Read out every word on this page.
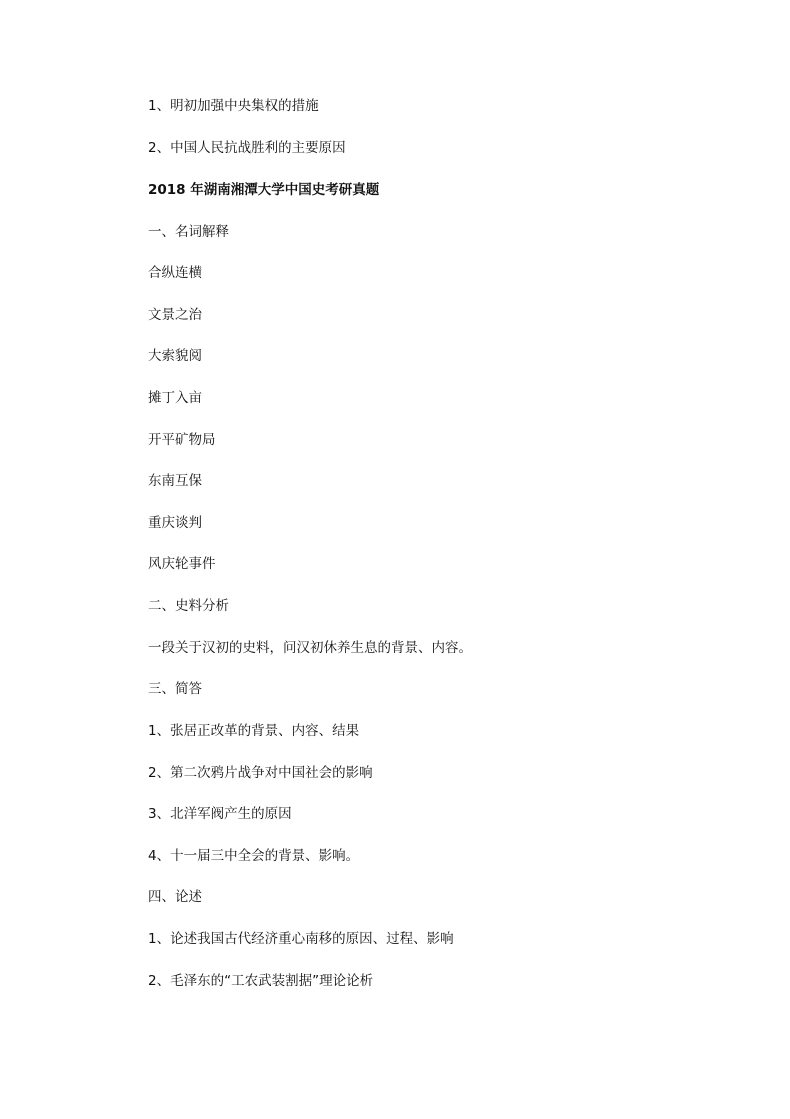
1、明初加强中央集权的措施
2、中国人民抗战胜利的主要原因
2018 年湖南湘潭大学中国史考研真题
一、名词解释
合纵连横
文景之治
大索貌阅
摊丁入亩
开平矿物局
东南互保
重庆谈判
风庆轮事件
二、史料分析
一段关于汉初的史料，问汉初休养生息的背景、内容。
三、简答
1、张居正改革的背景、内容、结果
2、第二次鸦片战争对中国社会的影响
3、北洋军阀产生的原因
4、十一届三中全会的背景、影响。
四、论述
1、论述我国古代经济重心南移的原因、过程、影响
2、毛泽东的“工农武装割据”理论论析
